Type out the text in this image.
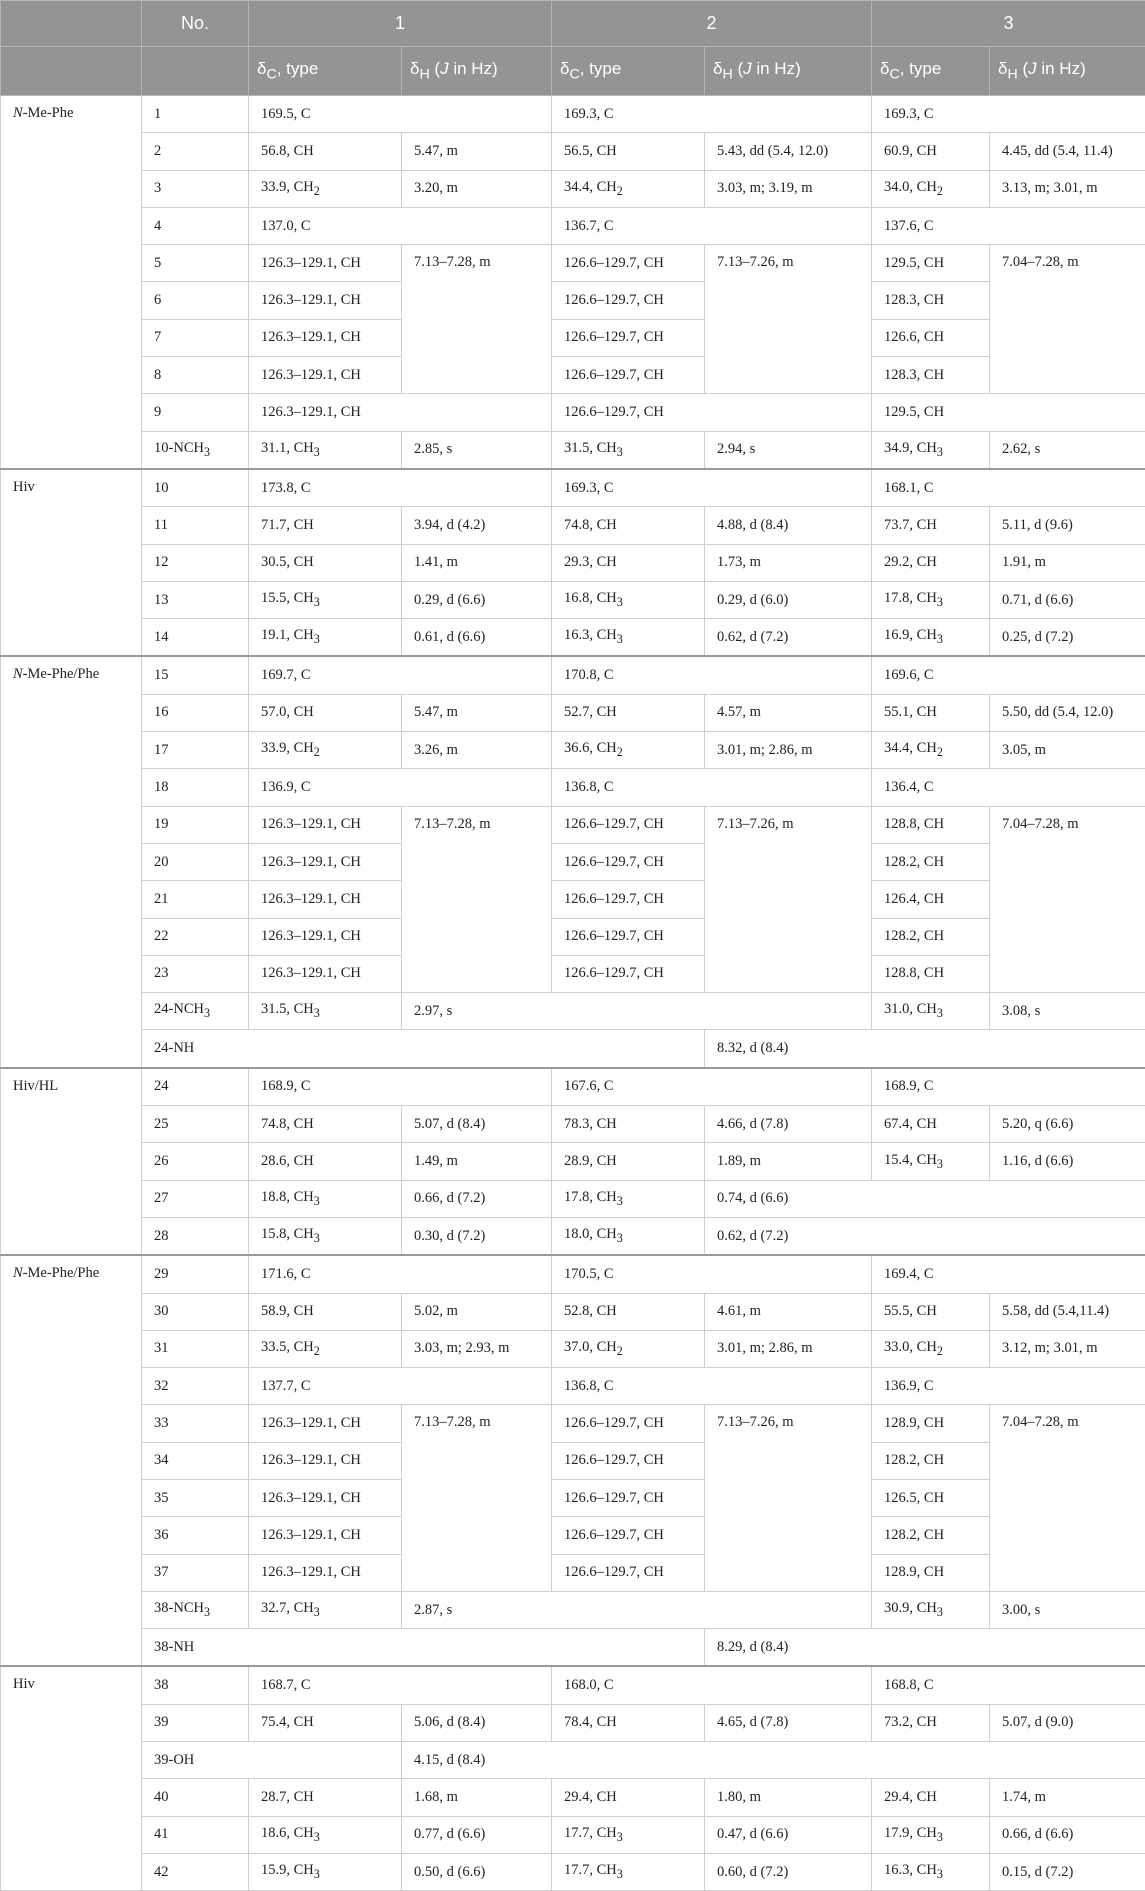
	No.	1		2		3	
		$\delta_C$, type	$\delta_H$ (J in Hz)	$\delta_C$, type	$\delta_H$ (J in Hz)	$\delta_C$, type	$\delta_H$ (J in Hz)
N-Me-Phe	1	169.5, C		169.3, C		169.3, C	
	2	56.8, CH	5.47, m	56.5, CH	5.43, dd (5.4, 12.0)	60.9, CH	4.45, dd (5.4, 11.4)
	3	33.9, $CH_2$	3.20, m	34.4, $CH_2$	3.03, m; 3.19, m	34.0, $CH_2$	3.13, m; 3.01, m
	4	137.0, C		136.7, C		137.6, C	
	5	126.3–129.1, CH	7.13–7.28, m	126.6–129.7, CH	7.13–7.26, m	129.5, CH	7.04–7.28, m
	6	126.3–129.1, CH		126.6–129.7, CH		128.3, CH	
	7	126.3–129.1, CH		126.6–129.7, CH		126.6, CH	
	8	126.3–129.1, CH		126.6–129.7, CH		128.3, CH	
	9	126.3–129.1, CH		126.6–129.7, CH		129.5, CH	
	$10-NCH_3$	31.1, $CH_3$	2.85, s	31.5, $CH_3$	2.94, s	34.9, $CH_3$	2.62, s
Hiv	10	173.8, C		169.3, C		168.1, C	
	11	71.7, CH	3.94, d (4.2)	74.8, CH	4.88, d (8.4)	73.7, CH	5.11, d (9.6)
	12	30.5, CH	1.41, m	29.3, CH	1.73, m	29.2, CH	1.91, m
	13	15.5, $CH_3$	0.29, d (6.6)	16.8, $CH_3$	0.29, d (6.0)	17.8, $CH_3$	0.71, d (6.6)
	14	19.1, $CH_3$	0.61, d (6.6)	16.3, $CH_3$	0.62, d (7.2)	16.9, $CH_3$	0.25, d (7.2)
N-Me-Phe/Phe	15	169.7, C		170.8, C		169.6, C	
	16	57.0, CH	5.47, m	52.7, CH	4.57, m	55.1, CH	5.50, dd (5.4, 12.0)
	17	33.9, $CH_2$	3.26, m	36.6, $CH_2$	3.01, m; 2.86, m	34.4, $CH_2$	3.05, m
	18	136.9, C		136.8, C		136.4, C	
	19	126.3–129.1, CH	7.13–7.28, m	126.6–129.7, CH	7.13–7.26, m	128.8, CH	7.04–7.28, m
	20	126.3–129.1, CH		126.6–129.7, CH		128.2, CH	
	21	126.3–129.1, CH		126.6–129.7, CH		126.4, CH	
	22	126.3–129.1, CH		126.6–129.7, CH		128.2, CH	
	23	126.3–129.1, CH		126.6–129.7, CH		128.8, CH	
	$24-NCH_3$	31.5, $CH_3$	2.97, s			31.0, $CH_3$	3.08, s
	24-NH				8.32, d (8.4)		
Hiv/HL	24	168.9, C		167.6, C		168.9, C	
	25	74.8, CH	5.07, d (8.4)	78.3, CH	4.66, d (7.8)	67.4, CH	5.20, q (6.6)
	26	28.6, CH	1.49, m	28.9, CH	1.89, m	15.4, $CH_3$	1.16, d (6.6)
	27	18.8, $CH_3$	0.66, d (7.2)	17.8, $CH_3$	0.74, d (6.6)		
	28	15.8, $CH_3$	0.30, d (7.2)	18.0, $CH_3$	0.62, d (7.2)		
N-Me-Phe/Phe	29	171.6, C		170.5, C		169.4, C	
	30	58.9, CH	5.02, m	52.8, CH	4.61, m	55.5, CH	5.58, dd (5.4,11.4)
	31	33.5, $CH_2$	3.03, m; 2.93, m	37.0, $CH_2$	3.01, m; 2.86, m	33.0, $CH_2$	3.12, m; 3.01, m
	32	137.7, C		136.8, C		136.9, C	
	33	126.3–129.1, CH	7.13–7.28, m	126.6–129.7, CH	7.13–7.26, m	128.9, CH	7.04–7.28, m
	34	126.3–129.1, CH		126.6–129.7, CH		128.2, CH	
	35	126.3–129.1, CH		126.6–129.7, CH		126.5, CH	
	36	126.3–129.1, CH		126.6–129.7, CH		128.2, CH	
	37	126.3–129.1, CH		126.6–129.7, CH		128.9, CH	
	$38-NCH_3$	32.7, $CH_3$	2.87, s			30.9, $CH_3$	3.00, s
	38-NH				8.29, d (8.4)		
Hiv	38	168.7, C		168.0, C		168.8, C	
	39	75.4, CH	5.06, d (8.4)	78.4, CH	4.65, d (7.8)	73.2, CH	5.07, d (9.0)
	39-OH		4.15, d (8.4)				
	40	28.7, CH	1.68, m	29.4, CH	1.80, m	29.4, CH	1.74, m
	41	18.6, $CH_3$	0.77, d (6.6)	17.7, $CH_3$	0.47, d (6.6)	17.9, $CH_3$	0.66, d (6.6)
	42	15.9, $CH_3$	0.50, d (6.6)	17.7, $CH_3$	0.60, d (7.2)	16.3, $CH_3$	0.15, d (7.2)
